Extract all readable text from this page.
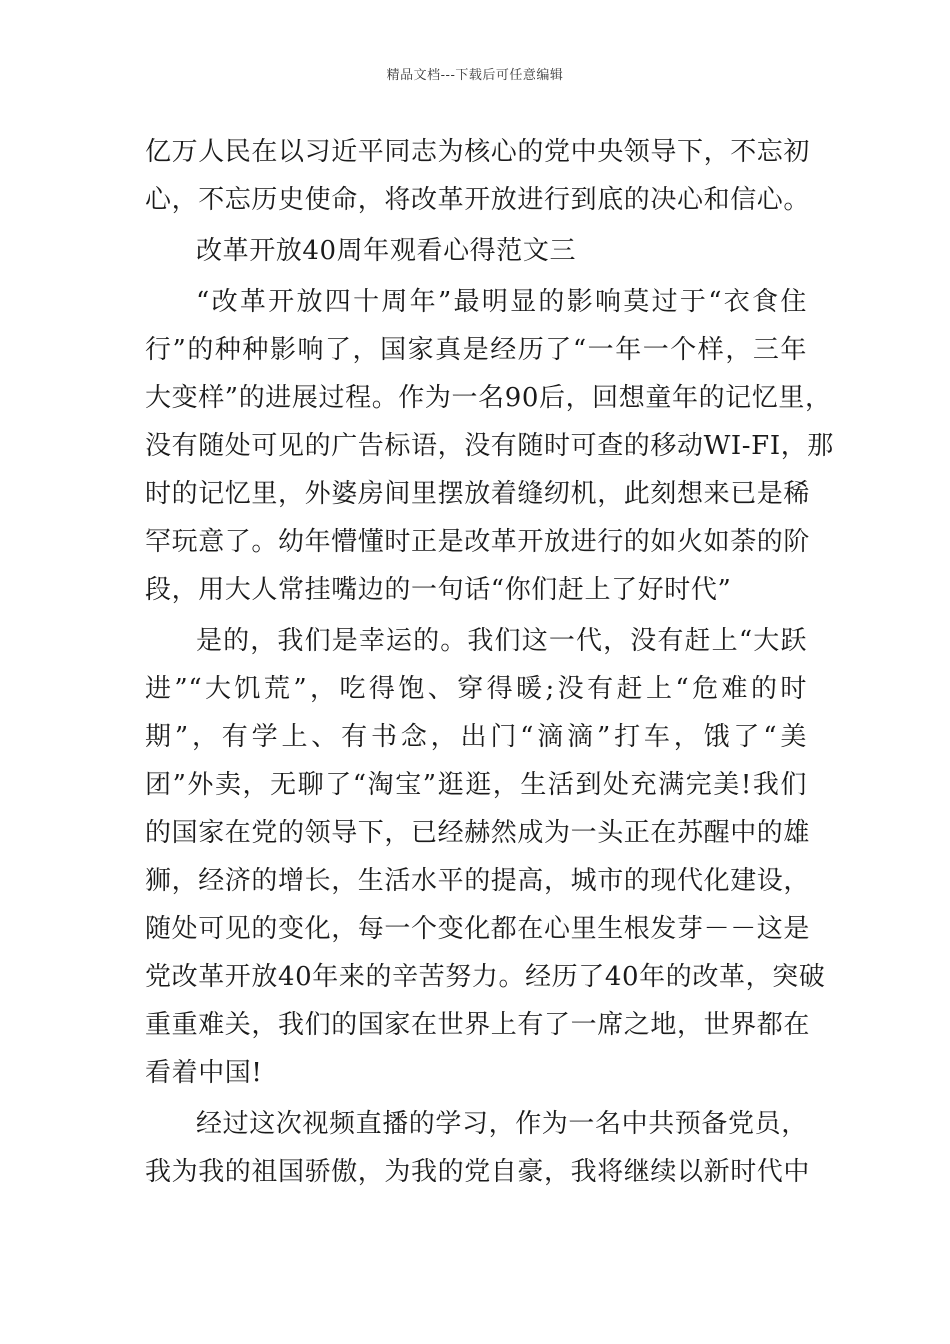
精品文档---下载后可任意编辑
亿万人民在以习近平同志为核心的党中央领导下，不忘初
心，不忘历史使命，将改革开放进行到底的决心和信心。
改革开放40周年观看心得范文三
“改革开放四十周年”最明显的影响莫过于“衣食住
行”的种种影响了，国家真是经历了“一年一个样，三年
大变样”的进展过程。作为一名90后，回想童年的记忆里，
没有随处可见的广告标语，没有随时可查的移动WI-FI，那
时的记忆里，外婆房间里摆放着缝纫机，此刻想来已是稀
罕玩意了。幼年懵懂时正是改革开放进行的如火如荼的阶
段，用大人常挂嘴边的一句话“你们赶上了好时代”
是的，我们是幸运的。我们这一代，没有赶上“大跃
进”“大饥荒”，吃得饱、穿得暖;没有赶上“危难的时
期”，有学上、有书念，出门“滴滴”打车，饿了“美
团”外卖，无聊了“淘宝”逛逛，生活到处充满完美!我们
的国家在党的领导下，已经赫然成为一头正在苏醒中的雄
狮，经济的增长，生活水平的提高，城市的现代化建设，
随处可见的变化，每一个变化都在心里生根发芽－－这是
党改革开放40年来的辛苦努力。经历了40年的改革，突破
重重难关，我们的国家在世界上有了一席之地，世界都在
看着中国!
经过这次视频直播的学习，作为一名中共预备党员，
我为我的祖国骄傲，为我的党自豪，我将继续以新时代中
